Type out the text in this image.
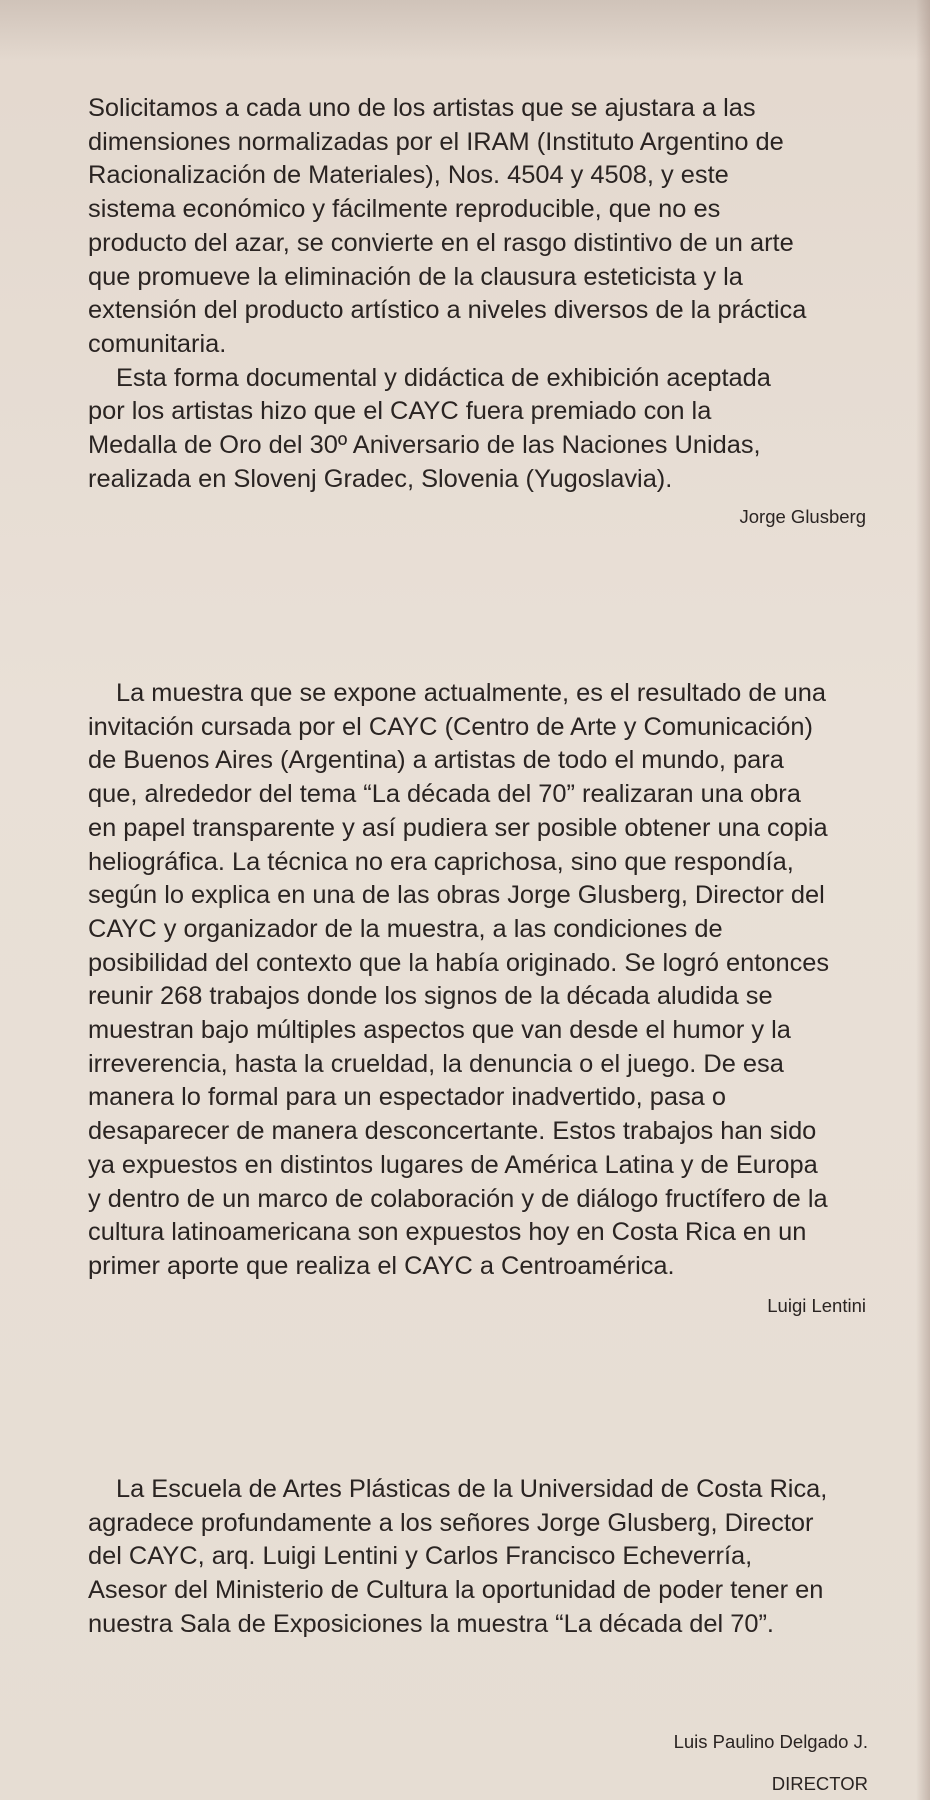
Solicitamos a cada uno de los artistas que se ajustara a las
dimensiones normalizadas por el IRAM (Instituto Argentino de
Racionalización de Materiales), Nos. 4504 y 4508, y este
sistema económico y fácilmente reproducible, que no es
producto del azar, se convierte en el rasgo distintivo de un arte
que promueve la eliminación de la clausura esteticista y la
extensión del producto artístico a niveles diversos de la práctica
comunitaria.

Esta forma documental y didáctica de exhibición aceptada
por los artistas hizo que el CAYC fuera premiado con la
Medalla de Oro del 30º Aniversario de las Naciones Unidas,
realizada en Slovenj Gradec, Slovenia (Yugoslavia).

Jorge Glusberg

La muestra que se expone actualmente, es el resultado de una
invitación cursada por el CAYC (Centro de Arte y Comunicación)
de Buenos Aires (Argentina) a artistas de todo el mundo, para
que, alrededor del tema “La década del 70” realizaran una obra
en papel transparente y así pudiera ser posible obtener una copia
heliográfica. La técnica no era caprichosa, sino que respondía,
según lo explica en una de las obras Jorge Glusberg, Director del
CAYC y organizador de la muestra, a las condiciones de
posibilidad del contexto que la había originado. Se logró entonces
reunir 268 trabajos donde los signos de la década aludida se
muestran bajo múltiples aspectos que van desde el humor y la
irreverencia, hasta la crueldad, la denuncia o el juego. De esa
manera lo formal para un espectador inadvertido, pasa o
desaparecer de manera desconcertante. Estos trabajos han sido
ya expuestos en distintos lugares de América Latina y de Europa
y dentro de un marco de colaboración y de diálogo fructífero de la
cultura latinoamericana son expuestos hoy en Costa Rica en un
primer aporte que realiza el CAYC a Centroamérica.

Luigi Lentini

La Escuela de Artes Plásticas de la Universidad de Costa Rica,
agradece profundamente a los señores Jorge Glusberg, Director
del CAYC, arq. Luigi Lentini y Carlos Francisco Echeverría,
Asesor del Ministerio de Cultura la oportunidad de poder tener en
nuestra Sala de Exposiciones la muestra “La década del 70”.

Luis Paulino Delgado J.

DIRECTOR
